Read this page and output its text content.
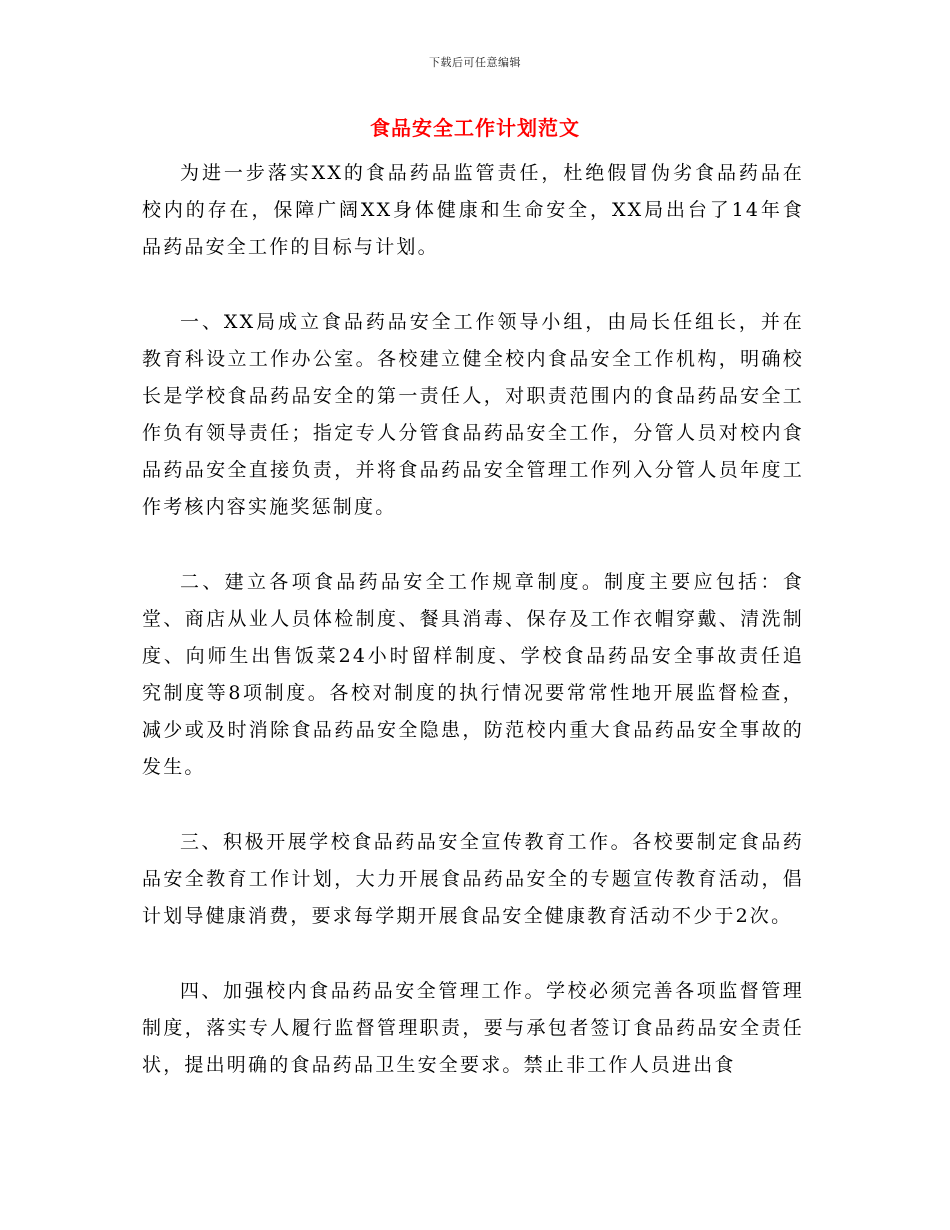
下载后可任意编辑
食品安全工作计划范文

为进一步落实XX的食品药品监管责任，杜绝假冒伪劣食品药品在校内的存在，保障广阔XX身体健康和生命安全，XX局出台了14年食品药品安全工作的目标与计划。

一、XX局成立食品药品安全工作领导小组，由局长任组长，并在教育科设立工作办公室。各校建立健全校内食品安全工作机构，明确校长是学校食品药品安全的第一责任人，对职责范围内的食品药品安全工作负有领导责任；指定专人分管食品药品安全工作，分管人员对校内食品药品安全直接负责，并将食品药品安全管理工作列入分管人员年度工作考核内容实施奖惩制度。

二、建立各项食品药品安全工作规章制度。制度主要应包括：食堂、商店从业人员体检制度、餐具消毒、保存及工作衣帽穿戴、清洗制度、向师生出售饭菜24小时留样制度、学校食品药品安全事故责任追究制度等8项制度。各校对制度的执行情况要常常性地开展监督检查，减少或及时消除食品药品安全隐患，防范校内重大食品药品安全事故的发生。

三、积极开展学校食品药品安全宣传教育工作。各校要制定食品药品安全教育工作计划，大力开展食品药品安全的专题宣传教育活动，倡计划导健康消费，要求每学期开展食品安全健康教育活动不少于2次。

四、加强校内食品药品安全管理工作。学校必须完善各项监督管理制度，落实专人履行监督管理职责，要与承包者签订食品药品安全责任状，提出明确的食品药品卫生安全要求。禁止非工作人员进出食
